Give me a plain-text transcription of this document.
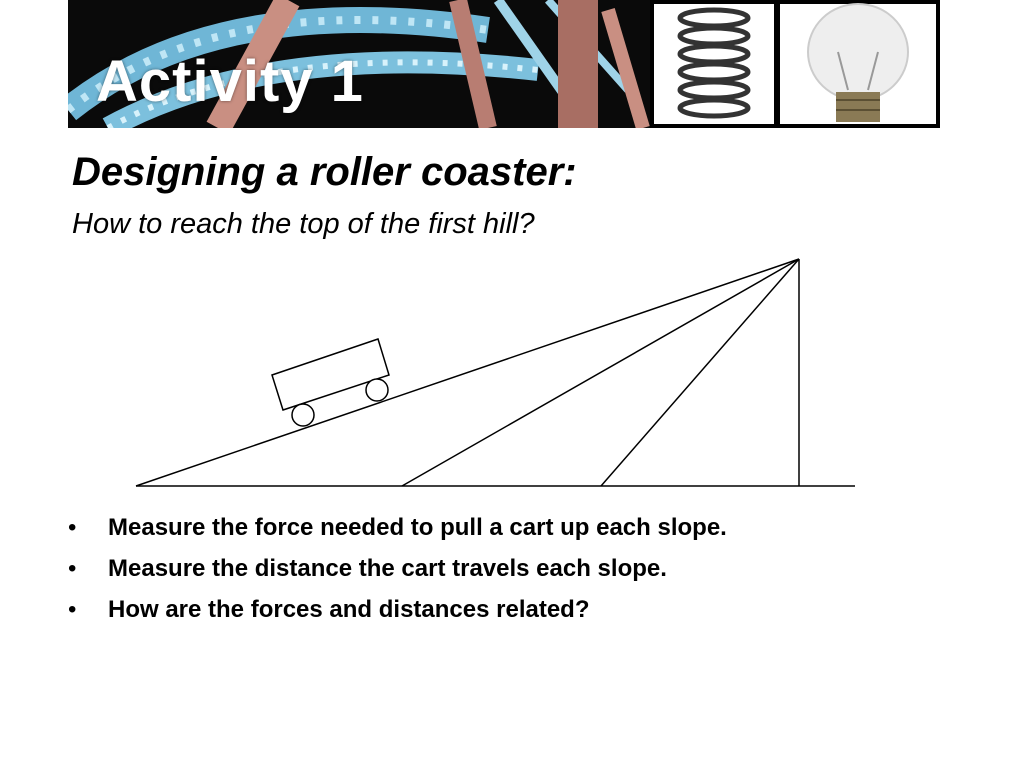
Activity 1
Designing a roller coaster:
How to reach the top of the first hill?
• Measure the force needed to pull a cart up each slope.
• Measure the distance the cart travels each slope.
• How are the forces and distances related?
